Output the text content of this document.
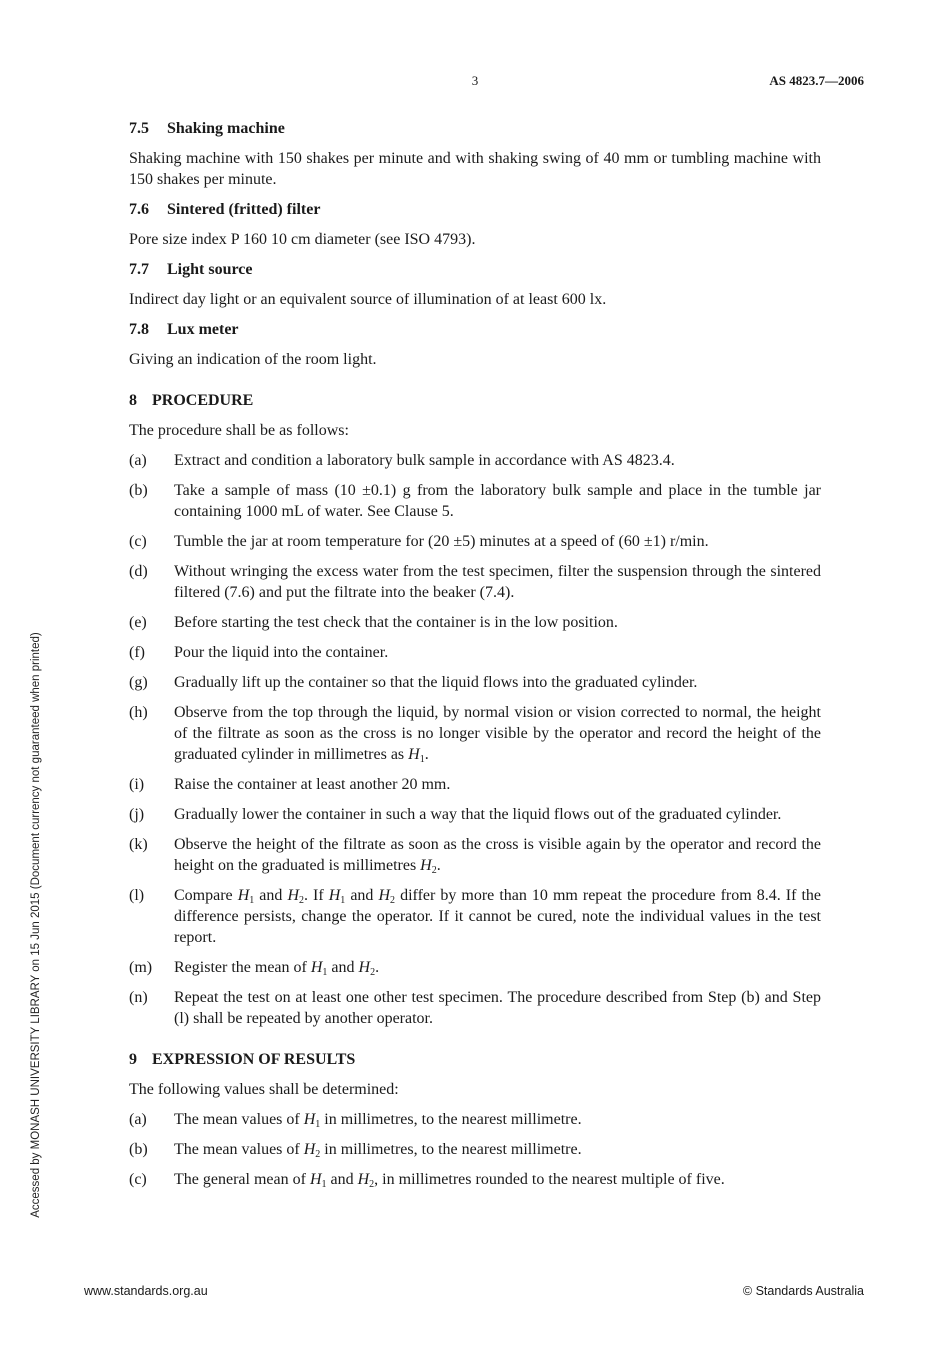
3	AS 4823.7—2006
Accessed by MONASH UNIVERSITY LIBRARY on 15 Jun 2015 (Document currency not guaranteed when printed)

7.5 Shaking machine

Shaking machine with 150 shakes per minute and with shaking swing of 40 mm or tumbling machine with 150 shakes per minute.

7.6 Sintered (fritted) filter

Pore size index P 160 10 cm diameter (see ISO 4793).

7.7 Light source

Indirect day light or an equivalent source of illumination of at least 600 lx.

7.8 Lux meter

Giving an indication of the room light.

8 PROCEDURE

The procedure shall be as follows:

(a)	Extract and condition a laboratory bulk sample in accordance with AS 4823.4.
(b)	Take a sample of mass (10 ±0.1) g from the laboratory bulk sample and place in the tumble jar containing 1000 mL of water. See Clause 5.
(c)	Tumble the jar at room temperature for (20 ±5) minutes at a speed of (60 ±1) r/min.
(d)	Without wringing the excess water from the test specimen, filter the suspension through the sintered filtered (7.6) and put the filtrate into the beaker (7.4).
(e)	Before starting the test check that the container is in the low position.
(f)	Pour the liquid into the container.
(g)	Gradually lift up the container so that the liquid flows into the graduated cylinder.
(h)	Observe from the top through the liquid, by normal vision or vision corrected to normal, the height of the filtrate as soon as the cross is no longer visible by the operator and record the height of the graduated cylinder in millimetres as $H_1$.
(i)	Raise the container at least another 20 mm.
(j)	Gradually lower the container in such a way that the liquid flows out of the graduated cylinder.
(k)	Observe the height of the filtrate as soon as the cross is visible again by the operator and record the height on the graduated is millimetres $H_2$.
(l)	Compare $H_1$ and $H_2$. If $H_1$ and $H_2$ differ by more than 10 mm repeat the procedure from 8.4. If the difference persists, change the operator. If it cannot be cured, note the individual values in the test report.
(m)	Register the mean of $H_1$ and $H_2$.
(n)	Repeat the test on at least one other test specimen. The procedure described from Step (b) and Step (l) shall be repeated by another operator.

9 EXPRESSION OF RESULTS

The following values shall be determined:

(a)	The mean values of $H_1$ in millimetres, to the nearest millimetre.
(b)	The mean values of $H_2$ in millimetres, to the nearest millimetre.
(c)	The general mean of $H_1$ and $H_2$, in millimetres rounded to the nearest multiple of five.
www.standards.org.au	© Standards Australia
